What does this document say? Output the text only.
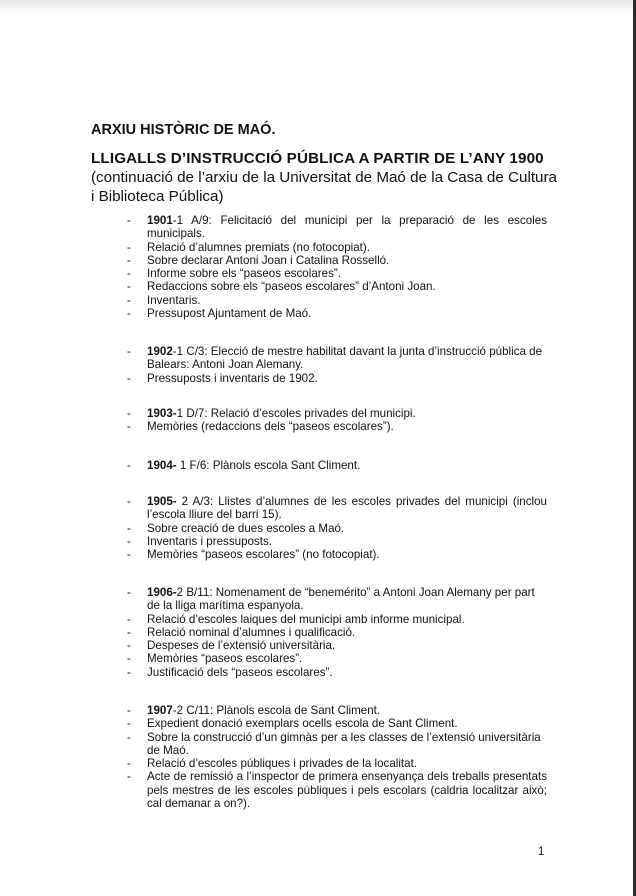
ARXIU HISTÒRIC DE MAÓ.
LLIGALLS D’INSTRUCCIÓ PÚBLICA A PARTIR DE L’ANY 1900
(continuació de l’arxiu de la Universitat de Maó de la Casa de Cultura i Biblioteca Pública)
- 1901-1 A/9: Felicitació del municipi per la preparació de les escoles municipals.
- Relació d’alumnes premiats (no fotocopiat).
- Sobre declarar Antoni Joan i Catalina Rosselló.
- Informe sobre els “paseos escolares”.
- Redaccions sobre els “paseos escolares” d’Antoni Joan.
- Inventaris.
- Pressupost Ajuntament de Maó.
- 1902-1 C/3: Elecció de mestre habilitat davant la junta d’instrucció pública de Balears: Antoni Joan Alemany.
- Pressuposts i inventaris de 1902.
- 1903-1 D/7: Relació d’escoles privades del municipi.
- Memòries (redaccions dels “paseos escolares”).
- 1904- 1 F/6: Plànols escola Sant Climent.
- 1905- 2 A/3: Llistes d’alumnes de les escoles privades del municipi (inclou l’escola lliure del barri 15).
- Sobre creació de dues escoles a Maó.
- Inventaris i pressuposts.
- Memòries “paseos escolares” (no fotocopiat).
- 1906-2 B/11: Nomenament de “benemérito” a Antoni Joan Alemany per part de la lliga marítima espanyola.
- Relació d’escoles laiques del municipi amb informe municipal.
- Relació nominal d’alumnes i qualificació.
- Despeses de l’extensió universitària.
- Memòries “paseos escolares”.
- Justificació dels “paseos escolares”.
- 1907-2 C/11: Plànols escola de Sant Climent.
- Expedient donació exemplars ocells escola de Sant Climent.
- Sobre la construcció d’un gimnàs per a les classes de l’extensió universitària de Maó.
- Relació d’escoles públiques i privades de la localitat.
- Acte de remissió a l’inspector de primera ensenyança dels treballs presentats pels mestres de les escoles públiques i pels escolars (caldria localitzar això; cal demanar a on?).
1
